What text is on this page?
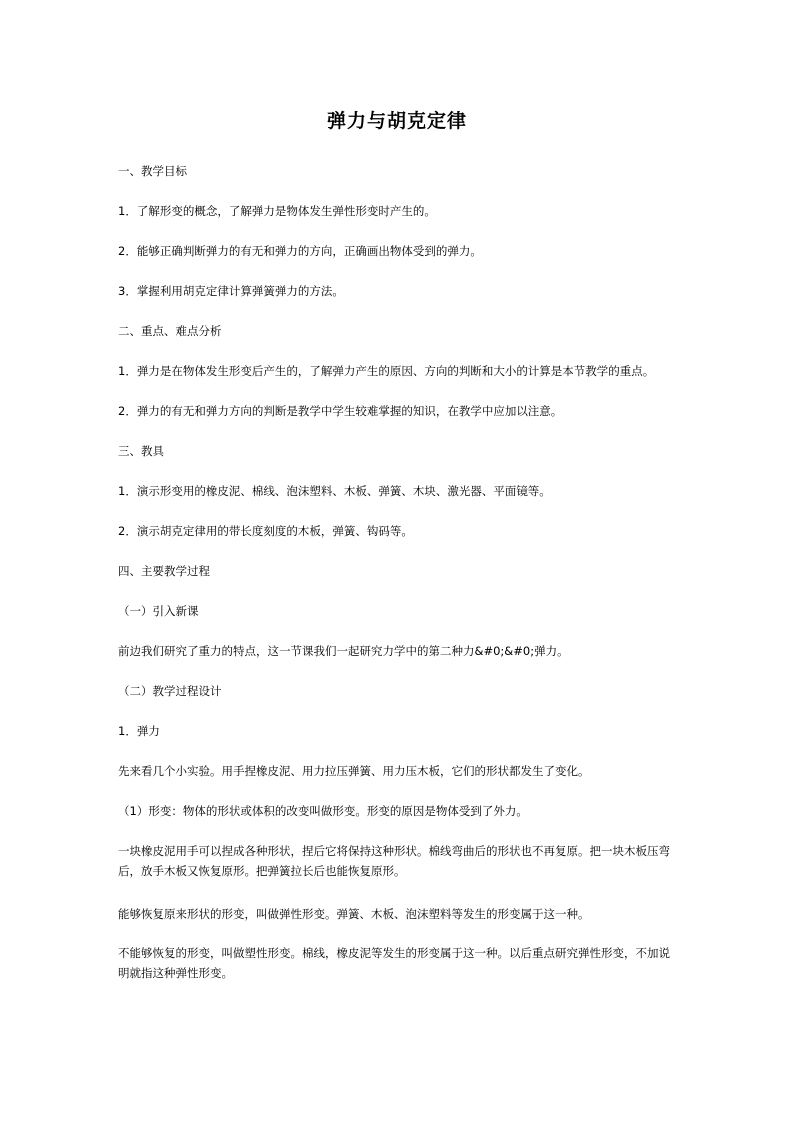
弹力与胡克定律
一、教学目标
1．了解形变的概念，了解弹力是物体发生弹性形变时产生的。
2．能够正确判断弹力的有无和弹力的方向，正确画出物体受到的弹力。
3．掌握利用胡克定律计算弹簧弹力的方法。
二、重点、难点分析
1．弹力是在物体发生形变后产生的，了解弹力产生的原因、方向的判断和大小的计算是本节教学的重点。
2．弹力的有无和弹力方向的判断是教学中学生较难掌握的知识，在教学中应加以注意。
三、教具
1．演示形变用的橡皮泥、棉线、泡沫塑料、木板、弹簧、木块、激光器、平面镜等。
2．演示胡克定律用的带长度刻度的木板，弹簧、钩码等。
四、主要教学过程
（一）引入新课
前边我们研究了重力的特点，这一节课我们一起研究力学中的第二种力&#0;&#0;弹力。
（二）教学过程设计
1．弹力
先来看几个小实验。用手捏橡皮泥、用力拉压弹簧、用力压木板，它们的形状都发生了变化。
（1）形变：物体的形状或体积的改变叫做形变。形变的原因是物体受到了外力。
一块橡皮泥用手可以捏成各种形状，捏后它将保持这种形状。棉线弯曲后的形状也不再复原。把一块木板压弯后，放手木板又恢复原形。把弹簧拉长后也能恢复原形。
能够恢复原来形状的形变，叫做弹性形变。弹簧、木板、泡沫塑料等发生的形变属于这一种。
不能够恢复的形变，叫做塑性形变。棉线，橡皮泥等发生的形变属于这一种。以后重点研究弹性形变，不加说明就指这种弹性形变。
